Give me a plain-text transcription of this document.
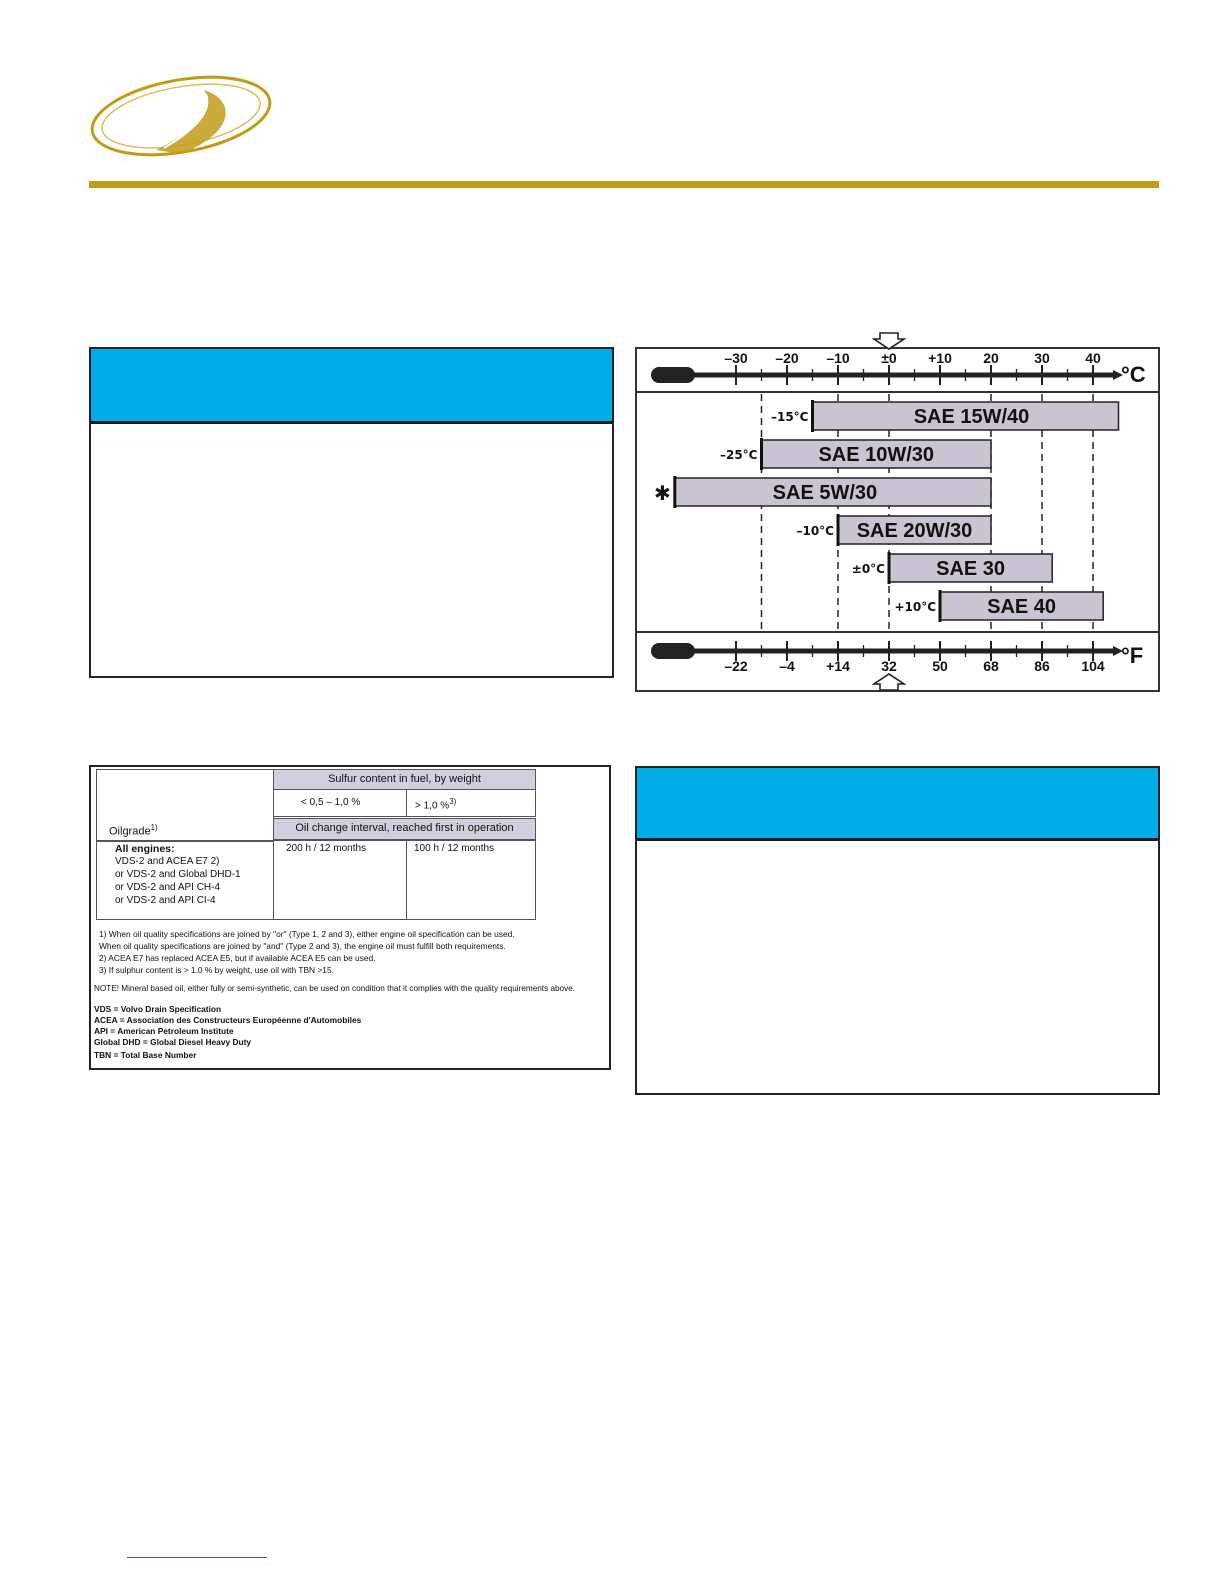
–30 –20 –10 ±0 +10 20	30	40
–22 –4 +14 32	50	68	86 104
°C
°F
SAE 15W/40
–15°C
SAE 10W/30
–25°C
SAE 5W/30
✱
SAE 20W/30
–10°C
SAE 30
±0°C
SAE 40
+10°C
Sulfur content in fuel, by weight
Oil change interval, reached first in operation
< 0,5 – 1,0 %	> 1,0 %$^{3)}$
Oilgrade$^{1)}$
All engines:
VDS-2 and ACEA E7 2)
or VDS-2 and Global DHD-1
or VDS-2 and API CH-4
or VDS-2 and API CI-4
200 h / 12 months	100 h / 12 months
1) When oil quality specifications are joined by "or" (Type 1, 2 and 3), either engine oil specification can be used.
When oil quality specifications are joined by "and" (Type 2 and 3), the engine oil must fulfill both requirements.
2) ACEA E7 has replaced ACEA E5, but if available ACEA E5 can be used.
3) If sulphur content is > 1.0 % by weight, use oil with TBN >15.
NOTE! Mineral based oil, either fully or semi-synthetic, can be used on condition that it complies with the quality requirements above.
VDS = Volvo Drain Specification
ACEA = Association des Constructeurs Européenne d'Automobiles
API = American Petroleum Institute
Global DHD = Global Diesel Heavy Duty
TBN = Total Base Number
